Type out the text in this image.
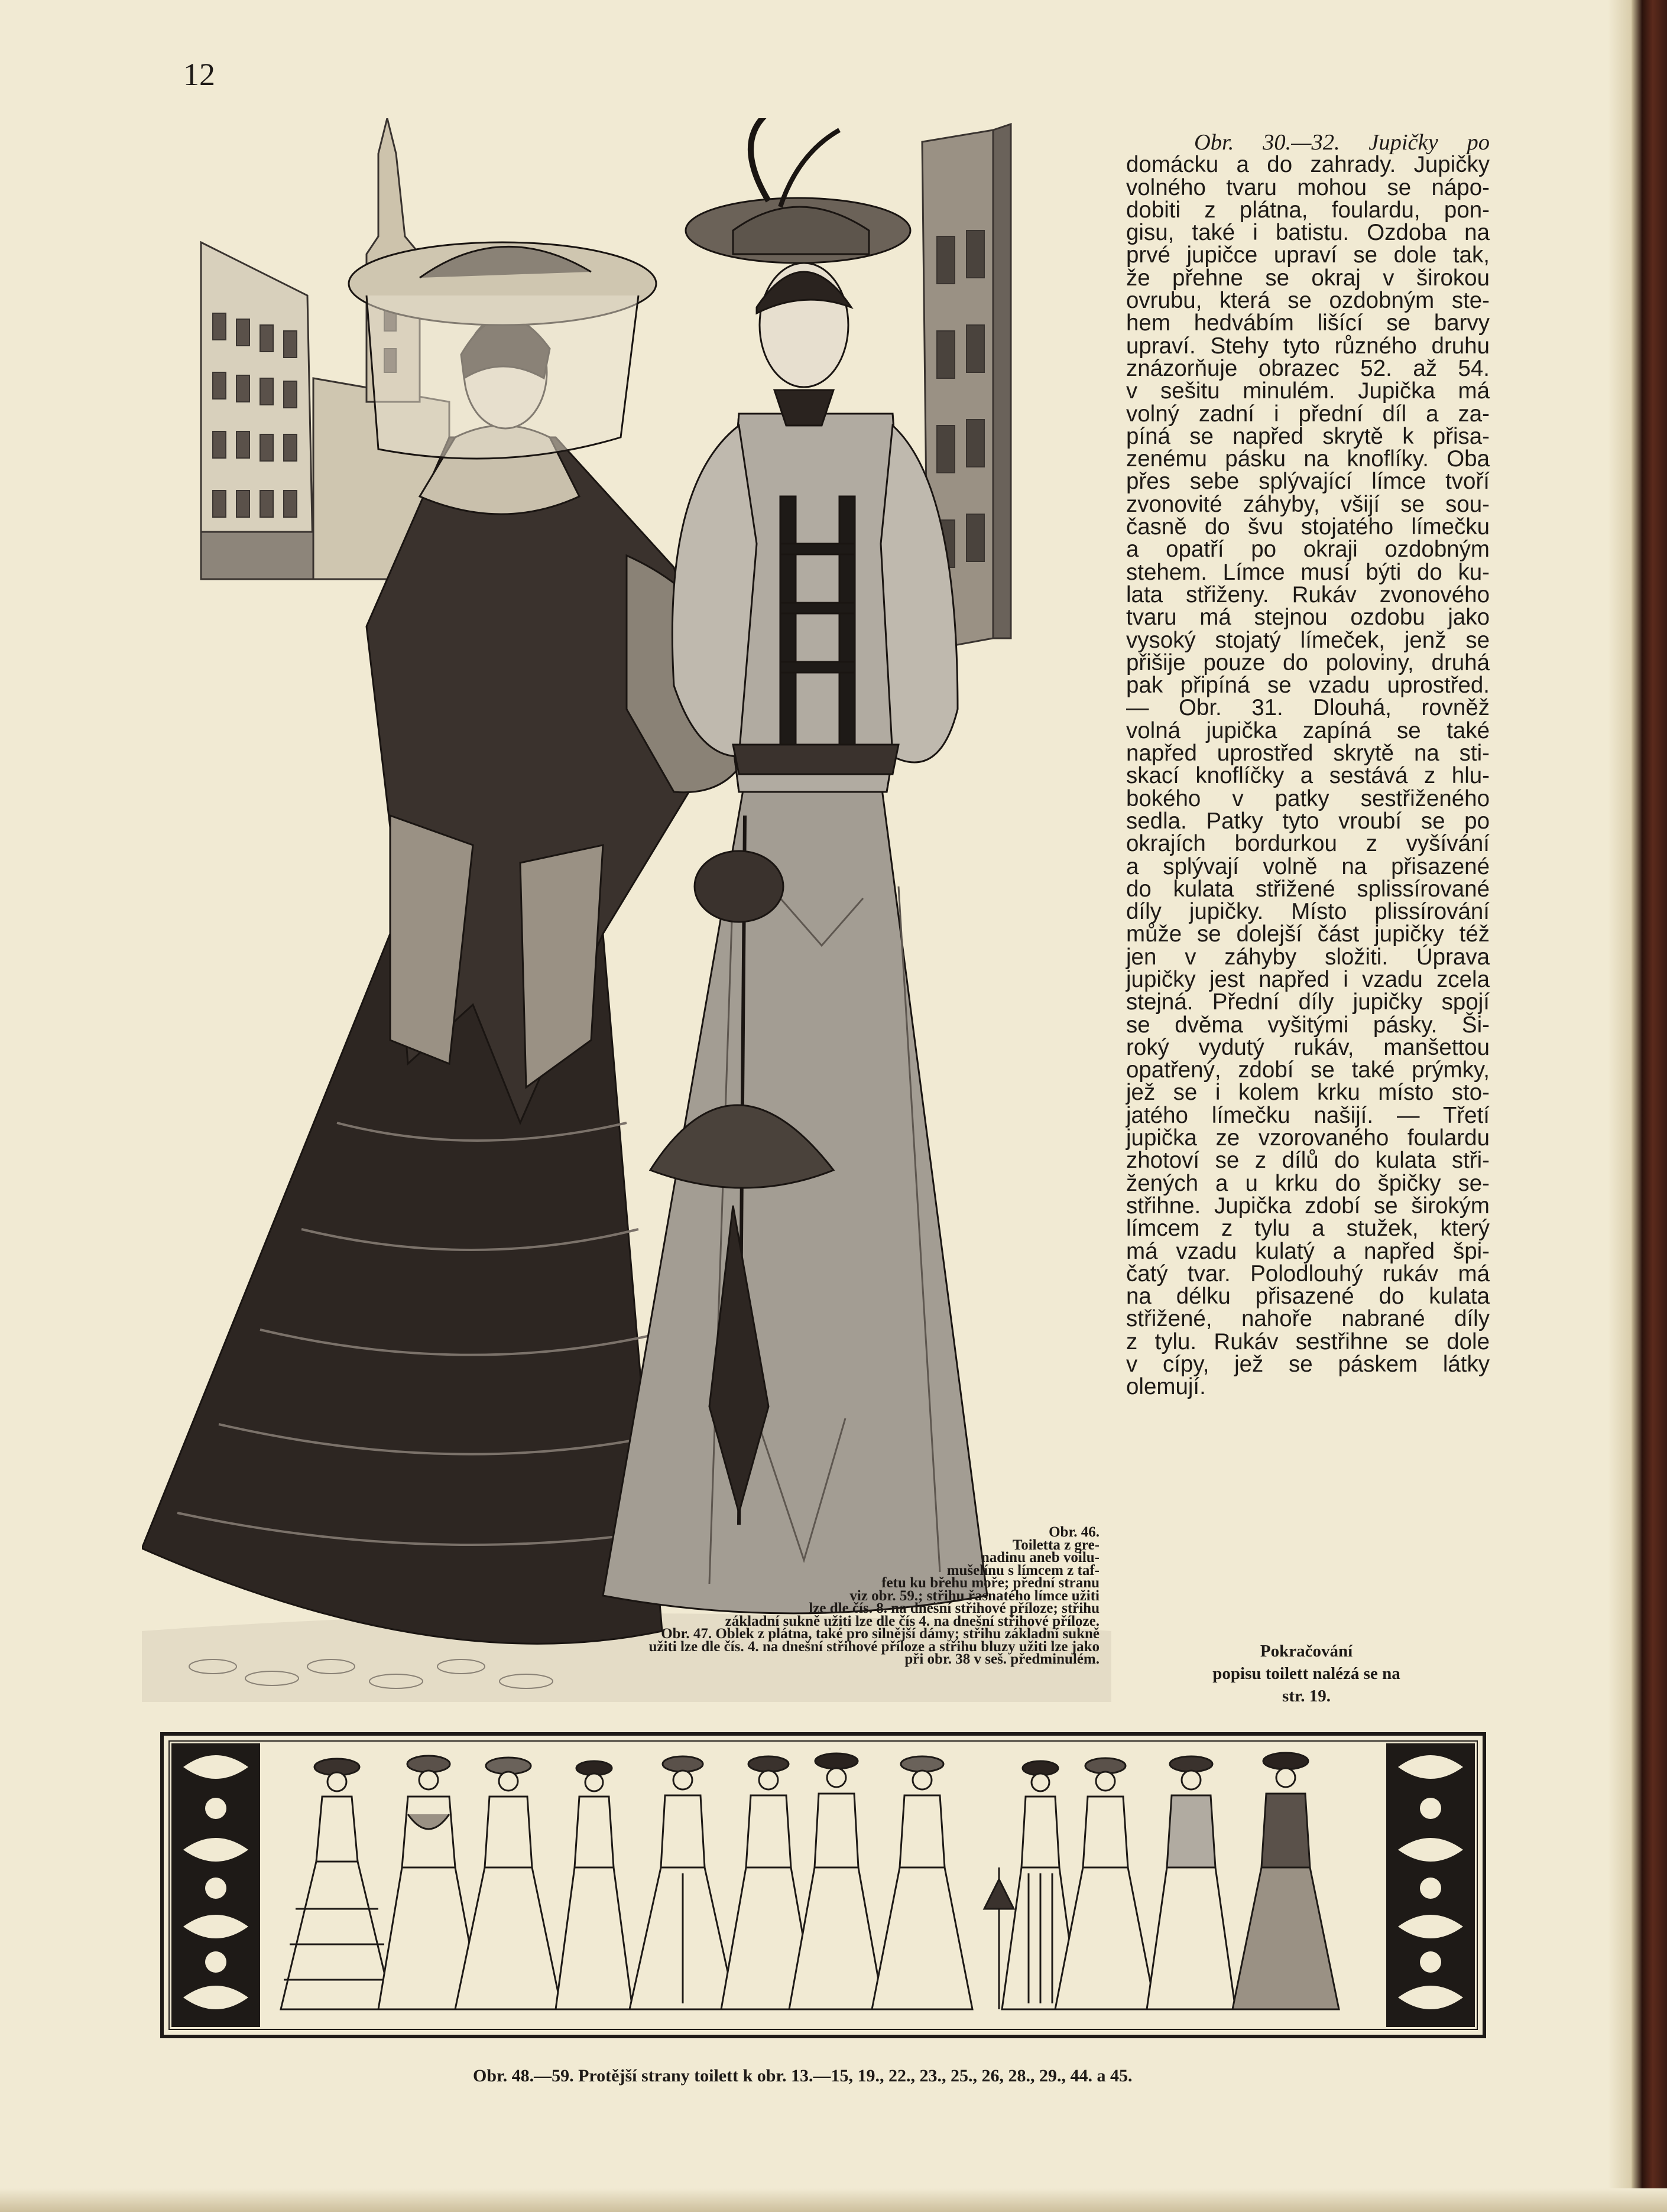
12
Obr. 30.—32. Jupičky po
domácku a do zahrady. Jupičky
volného tvaru mohou se nápo-
dobiti z plátna, foulardu, pon-
gisu, také i batistu. Ozdoba na
prvé jupičce upraví se dole tak,
že přehne se okraj v širokou
ovrubu, která se ozdobným ste-
hem hedvábím lišící se barvy
upraví. Stehy tyto různého druhu
znázorňuje obrazec 52. až 54.
v sešitu minulém. Jupička má
volný zadní i přední díl a za-
píná se napřed skrytě k přisa-
zenému pásku na knoflíky. Oba
přes sebe splývající límce tvoří
zvonovité záhyby, všijí se sou-
časně do švu stojatého límečku
a opatří po okraji ozdobným
stehem. Límce musí býti do ku-
lata střiženy. Rukáv zvonového
tvaru má stejnou ozdobu jako
vysoký stojatý límeček, jenž se
přišije pouze do poloviny, druhá
pak připíná se vzadu uprostřed.
— Obr. 31. Dlouhá, rovněž
volná jupička zapíná se také
napřed uprostřed skrytě na sti-
skací knoflíčky a sestává z hlu-
bokého v patky sestřiženého
sedla. Patky tyto vroubí se po
okrajích bordurkou z vyšívání
a splývají volně na přisazené
do kulata střižené splissírované
díly jupičky. Místo plissírování
může se dolejší část jupičky též
jen v záhyby složiti. Úprava
jupičky jest napřed i vzadu zcela
stejná. Přední díly jupičky spojí
se dvěma vyšitými pásky. Ši-
roký vydutý rukáv, manšettou
opatřený, zdobí se také prýmky,
jež se i kolem krku místo sto-
jatého límečku našijí. — Třetí
jupička ze vzorovaného foulardu
zhotoví se z dílů do kulata stři-
žených a u krku do špičky se-
střihne. Jupička zdobí se širokým
límcem z tylu a stužek, který
má vzadu kulatý a napřed špi-
čatý tvar. Polodlouhý rukáv má
na délku přisazené do kulata
střižené, nahoře nabrané díly
z tylu. Rukáv sestřihne se dole
v cípy, jež se páskem látky
olemují.
Pokračování
popisu toilett nalézá se na
str. 19.
Obr. 46.
Toiletta z gre-
nadinu aneb voilu-
mušelínu s límcem z taf-
fetu ku břehu moře; přední stranu
viz obr. 59.; střihu řasnatého límce užiti
lze dle čís. 8. na dnešní střihové příloze; střihu
základní sukně užiti lze dle čís 4. na dnešní střihové příloze.
Obr. 47. Oblek z plátna, také pro silnější dámy; střihu základní sukně
užiti lze dle čís. 4. na dnešní střihové příloze a střihu bluzy užiti lze jako
při obr. 38 v seš. předminulém.
Obr. 48.—59. Protější strany toilett k obr. 13.—15, 19., 22., 23., 25., 26, 28., 29., 44. a 45.
